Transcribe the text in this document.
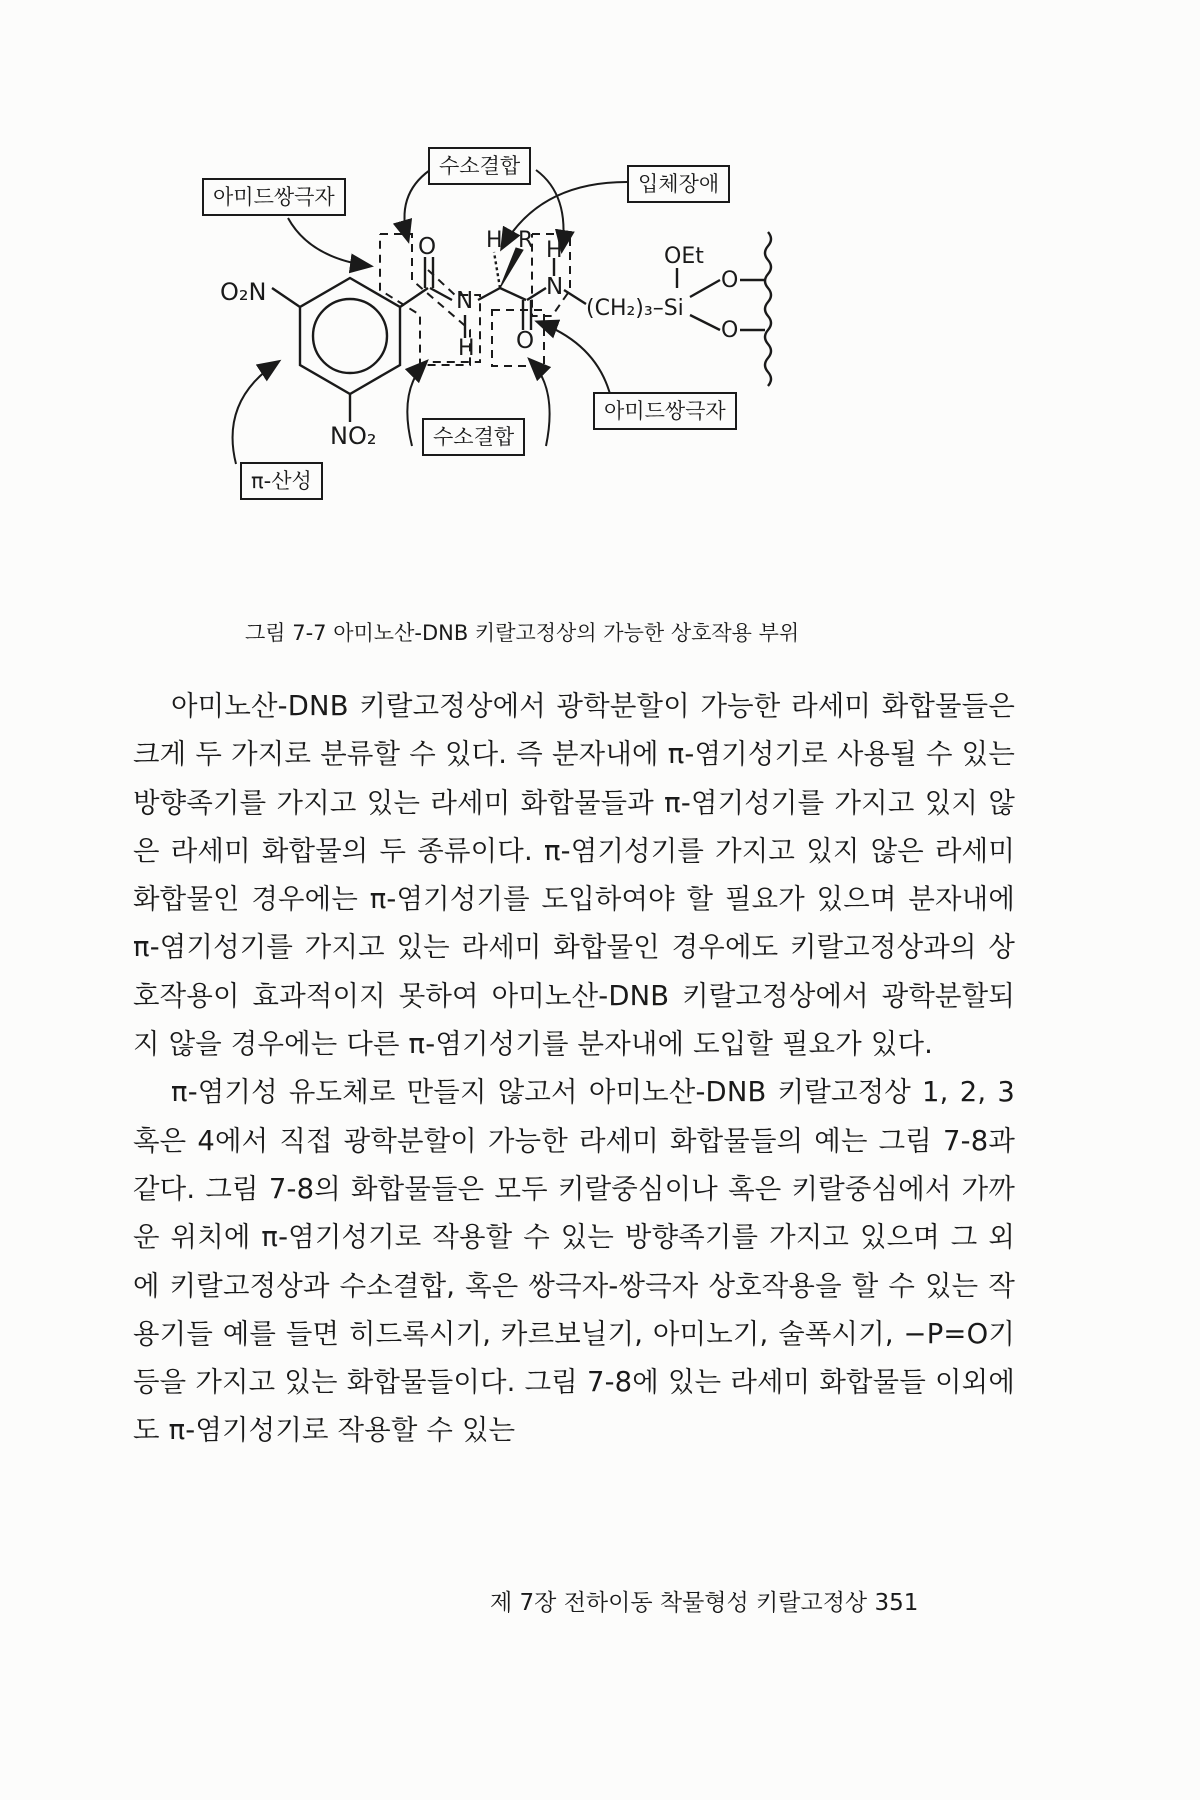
아미드쌍극자
수소결합
입체장애
아미드쌍극자
수소결합
π-산성
O₂N
NO₂
O H R
N
H
H
N
O
(CH₂)₃–Si
OEt
O
O
그림 7-7 아미노산-DNB 키랄고정상의 가능한 상호작용 부위

아미노산-DNB 키랄고정상에서 광학분할이 가능한 라세미 화합물들은 크게 두 가지로 분류할 수 있다. 즉 분자내에 π-염기성기로 사용될 수 있는 방향족기를 가지고 있는 라세미 화합물들과 π-염기성기를 가지고 있지 않은 라세미 화합물의 두 종류이다. π-염기성기를 가지고 있지 않은 라세미 화합물인 경우에는 π-염기성기를 도입하여야 할 필요가 있으며 분자내에 π-염기성기를 가지고 있는 라세미 화합물인 경우에도 키랄고정상과의 상호작용이 효과적이지 못하여 아미노산-DNB 키랄고정상에서 광학분할되지 않을 경우에는 다른 π-염기성기를 분자내에 도입할 필요가 있다.

π-염기성 유도체로 만들지 않고서 아미노산-DNB 키랄고정상 1, 2, 3 혹은 4에서 직접 광학분할이 가능한 라세미 화합물들의 예는 그림 7-8과 같다. 그림 7-8의 화합물들은 모두 키랄중심이나 혹은 키랄중심에서 가까운 위치에 π-염기성기로 작용할 수 있는 방향족기를 가지고 있으며 그 외에 키랄고정상과 수소결합, 혹은 쌍극자-쌍극자 상호작용을 할 수 있는 작용기들 예를 들면 히드록시기, 카르보닐기, 아미노기, 술폭시기, −P=O기 등을 가지고 있는 화합물들이다. 그림 7-8에 있는 라세미 화합물들 이외에도 π-염기성기로 작용할 수 있는

제 7장 전하이동 착물형성 키랄고정상 351
